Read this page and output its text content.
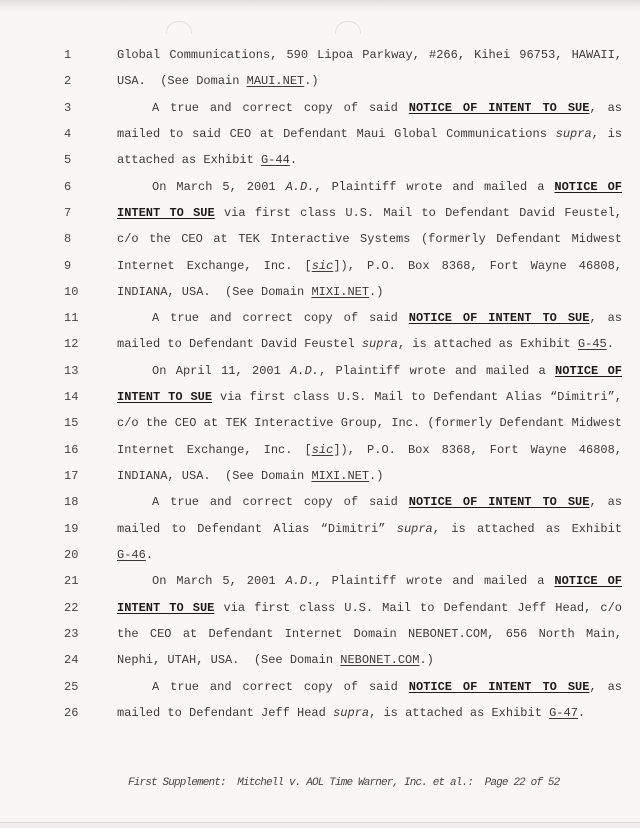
1	Global Communications, 590 Lipoa Parkway, #266, Kihei 96753, HAWAII,
2	USA.  (See Domain MAUI.NET.)
3	A true and correct copy of said NOTICE OF INTENT TO SUE, as
4	mailed to said CEO at Defendant Maui Global Communications supra, is
5	attached as Exhibit G-44.
6	On March 5, 2001 A.D., Plaintiff wrote and mailed a NOTICE OF
7	INTENT TO SUE via first class U.S. Mail to Defendant David Feustel,
8	c/o the CEO at TEK Interactive Systems (formerly Defendant Midwest
9	Internet Exchange, Inc. [sic]), P.O. Box 8368, Fort Wayne 46808,
10	INDIANA, USA.  (See Domain MIXI.NET.)
11	A true and correct copy of said NOTICE OF INTENT TO SUE, as
12	mailed to Defendant David Feustel supra, is attached as Exhibit G-45.
13	On April 11, 2001 A.D., Plaintiff wrote and mailed a NOTICE OF
14	INTENT TO SUE via first class U.S. Mail to Defendant Alias “Dimitri”,
15	c/o the CEO at TEK Interactive Group, Inc. (formerly Defendant Midwest
16	Internet Exchange, Inc. [sic]), P.O. Box 8368, Fort Wayne 46808,
17	INDIANA, USA.  (See Domain MIXI.NET.)
18	A true and correct copy of said NOTICE OF INTENT TO SUE, as
19	mailed to Defendant Alias “Dimitri” supra, is attached as Exhibit
20	G-46.
21	On March 5, 2001 A.D., Plaintiff wrote and mailed a NOTICE OF
22	INTENT TO SUE via first class U.S. Mail to Defendant Jeff Head, c/o
23	the CEO at Defendant Internet Domain NEBONET.COM, 656 North Main,
24	Nephi, UTAH, USA.  (See Domain NEBONET.COM.)
25	A true and correct copy of said NOTICE OF INTENT TO SUE, as
26	mailed to Defendant Jeff Head supra, is attached as Exhibit G-47.
First Supplement:  Mitchell v. AOL Time Warner, Inc. et al.:  Page 22 of 52
